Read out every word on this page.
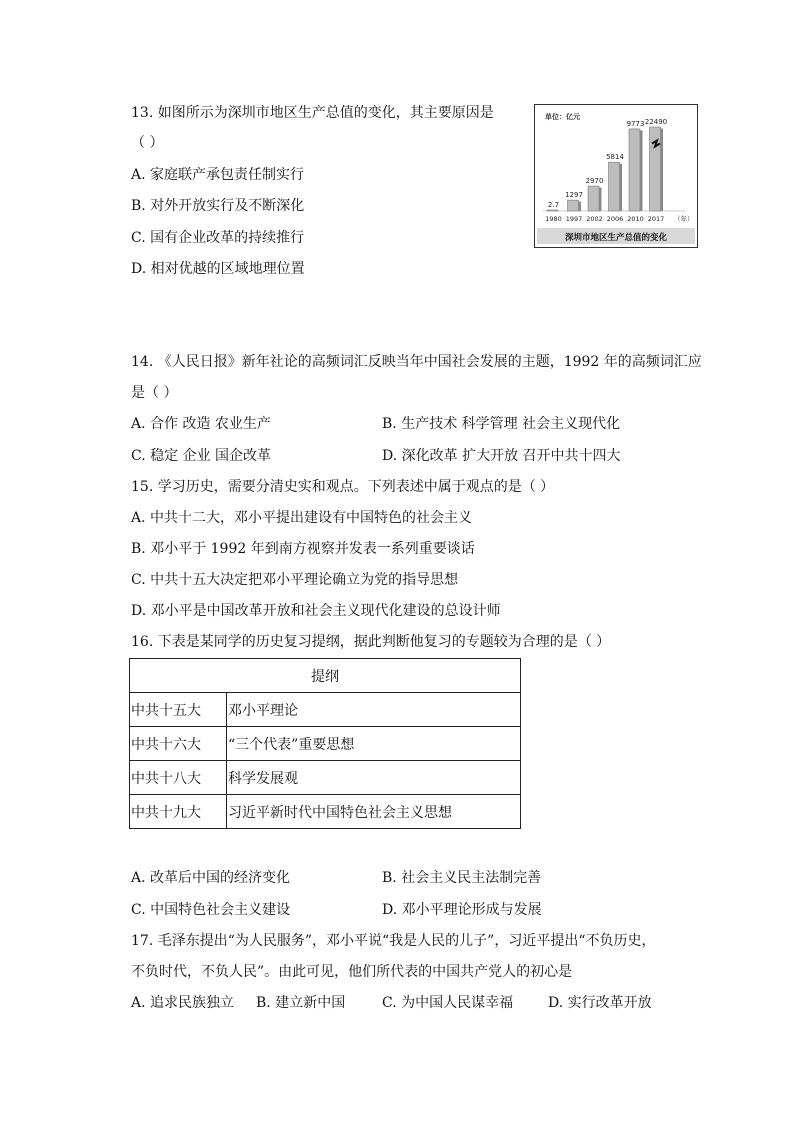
13. 如图所示为深圳市地区生产总值的变化，其主要原因是
（ ）
A. 家庭联产承包责任制实行
B. 对外开放实行及不断深化
C. 国有企业改革的持续推行
D. 相对优越的区域地理位置
单位：亿元
2.7
1980
1297
1997
2970
2002
5814
2006
9773
2010
22490
2017 （年）
深圳市地区生产总值的变化
14. 《人民日报》新年社论的高频词汇反映当年中国社会发展的主题，1992 年的高频词汇应
是（ ）
A. 合作 改造 农业生产	B. 生产技术 科学管理 社会主义现代化
C. 稳定 企业 国企改革	D. 深化改革 扩大开放 召开中共十四大
15. 学习历史，需要分清史实和观点。下列表述中属于观点的是（ ）
A. 中共十二大，邓小平提出建设有中国特色的社会主义
B. 邓小平于 1992 年到南方视察并发表一系列重要谈话
C. 中共十五大决定把邓小平理论确立为党的指导思想
D. 邓小平是中国改革开放和社会主义现代化建设的总设计师
16. 下表是某同学的历史复习提纲，据此判断他复习的专题较为合理的是（ ）
提纲	
中共十五大	邓小平理论
中共十六大	“三个代表”重要思想
中共十八大	科学发展观
中共十九大	习近平新时代中国特色社会主义思想
A. 改革后中国的经济变化	B. 社会主义民主法制完善
C. 中国特色社会主义建设	D. 邓小平理论形成与发展
17. 毛泽东提出“为人民服务”，邓小平说“我是人民的儿子”，习近平提出“不负历史，
不负时代，不负人民”。由此可见，他们所代表的中国共产党人的初心是
A. 追求民族独立 B. 建立新中国	C. 为中国人民谋幸福 D. 实行改革开放
